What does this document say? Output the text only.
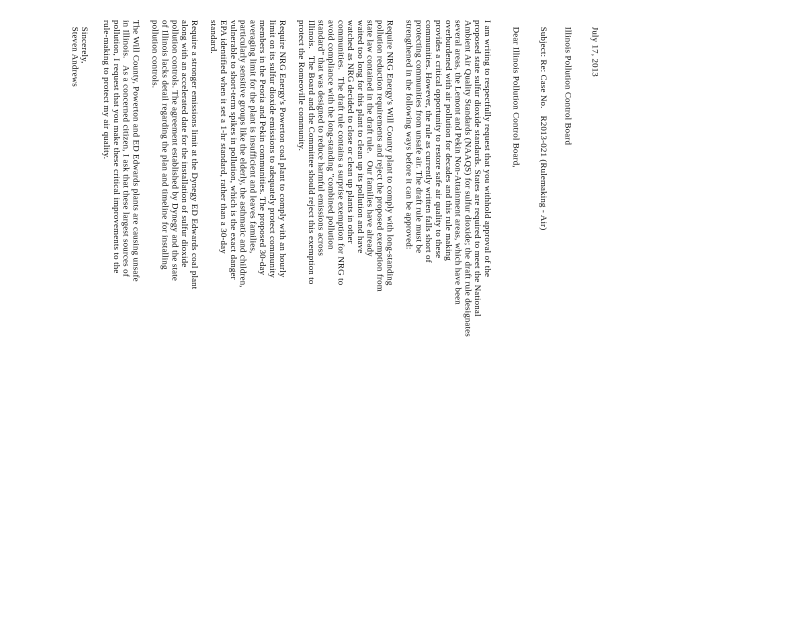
July 17, 2013
Illinois Pollution Control Board
Subject: Re: Case No.   R2013-021 (Rulemaking - Air)
Dear Illinois Pollution Control Board,
I am writing to respectfully request that you withhold approval of the
proposed state sulfur dioxide standards. States are required to meet the National
Ambient Air Quality Standards (NAAQS) for sulfur dioxide; the draft rule designates
several areas, the Lemont and Pekin Non-Attainment areas, which have been
overburdened with air pollution for decades and this rule making
provides a critical opportunity to restore safe air quality to these
communities. However, the rule as currently written falls short of
protecting communities from unsafe air. The draft rule must be
strengthened in the following ways before it can be approved:
Require NRG Energy's Will County plant to comply with long-standing
pollution reduction requirements and reject the proposed exemption from
state law contained in the draft rule.   Our families have already
waited too long for this plant to clean up its pollution and have
watched as NRG decided to close or clean up plants in other
communities.   The draft rule contains a surprise exemption for NRG to
avoid compliance with the long-standing "combined pollution
standard" that was designed to reduce harmful emissions across
Illinois.   The Board and the Committee should reject this exemption to
protect the Romeoville community.
Require NRG Energy's Powerton coal plant to comply with an hourly
limit on its sulfur dioxide emissions to adequately protect community
members in the Peoria and Pekin communities. The proposed 30-day
averaging limit for the plant is insufficient and leaves families,
particularly sensitive groups like the elderly, the asthmatic and children,
vulnerable to short-term spikes in pollution, which is the exact danger
EPA identified when it set a 1-hr standard, rather than a 30-day
standard.
Require a stronger emissions limit at the Dynegy ED Edwards coal plant
along with an accelerated date for the installation of sulfur dioxide
pollution controls. The agreement established by Dynegy and the state
of Illinois lacks detail regarding the plan and timeline for installing
pollution controls.
The Will County, Powerton and ED Edwards plants are causing unsafe
in Illinois.   As a concerned citizen, I ask that these largest sources of
pollution, I request that you make these critical improvements to the
rule-making to protect my air quality.
Sincerely,
Steven Andrews
